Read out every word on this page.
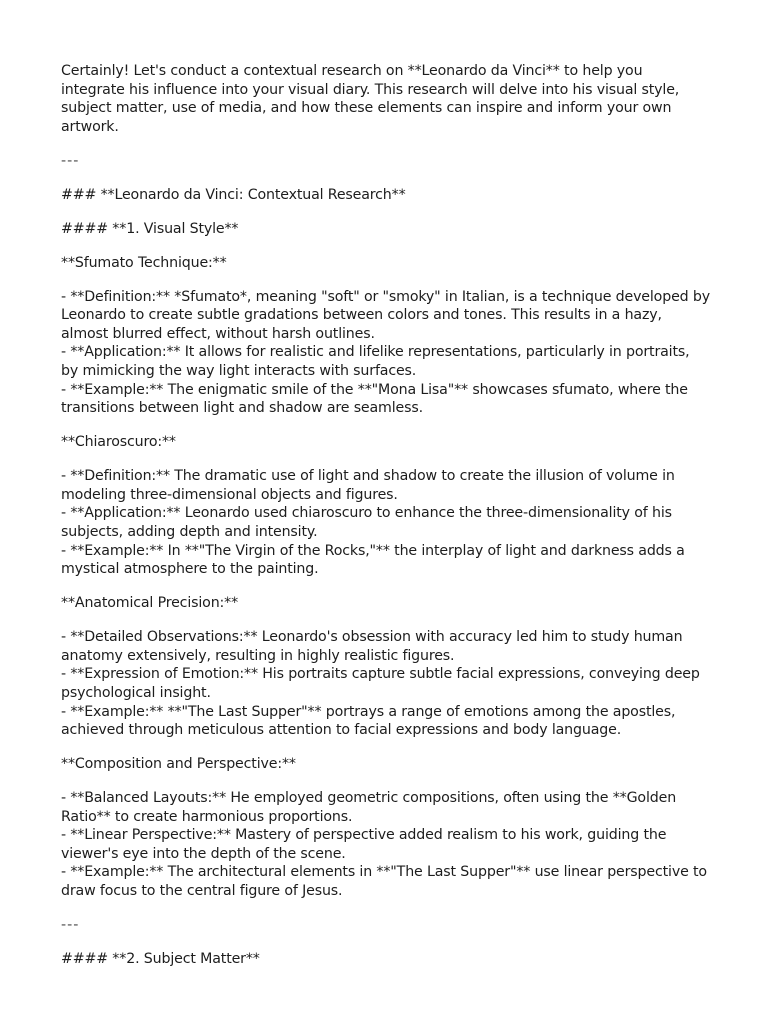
Certainly! Let's conduct a contextual research on **Leonardo da Vinci** to help you integrate his influence into your visual diary. This research will delve into his visual style, subject matter, use of media, and how these elements can inspire and inform your own artwork.

---

### **Leonardo da Vinci: Contextual Research**

#### **1. Visual Style**

**Sfumato Technique:**

- **Definition:** *Sfumato*, meaning "soft" or "smoky" in Italian, is a technique developed by Leonardo to create subtle gradations between colors and tones. This results in a hazy, almost blurred effect, without harsh outlines.

- **Application:** It allows for realistic and lifelike representations, particularly in portraits, by mimicking the way light interacts with surfaces.

- **Example:** The enigmatic smile of the **"Mona Lisa"** showcases sfumato, where the transitions between light and shadow are seamless.

**Chiaroscuro:**

- **Definition:** The dramatic use of light and shadow to create the illusion of volume in modeling three-dimensional objects and figures.

- **Application:** Leonardo used chiaroscuro to enhance the three-dimensionality of his subjects, adding depth and intensity.

- **Example:** In **"The Virgin of the Rocks,"** the interplay of light and darkness adds a mystical atmosphere to the painting.

**Anatomical Precision:**

- **Detailed Observations:** Leonardo's obsession with accuracy led him to study human anatomy extensively, resulting in highly realistic figures.

- **Expression of Emotion:** His portraits capture subtle facial expressions, conveying deep psychological insight.

- **Example:** **"The Last Supper"** portrays a range of emotions among the apostles, achieved through meticulous attention to facial expressions and body language.

**Composition and Perspective:**

- **Balanced Layouts:** He employed geometric compositions, often using the **Golden Ratio** to create harmonious proportions.

- **Linear Perspective:** Mastery of perspective added realism to his work, guiding the viewer's eye into the depth of the scene.

- **Example:** The architectural elements in **"The Last Supper"** use linear perspective to draw focus to the central figure of Jesus.

---

#### **2. Subject Matter**
